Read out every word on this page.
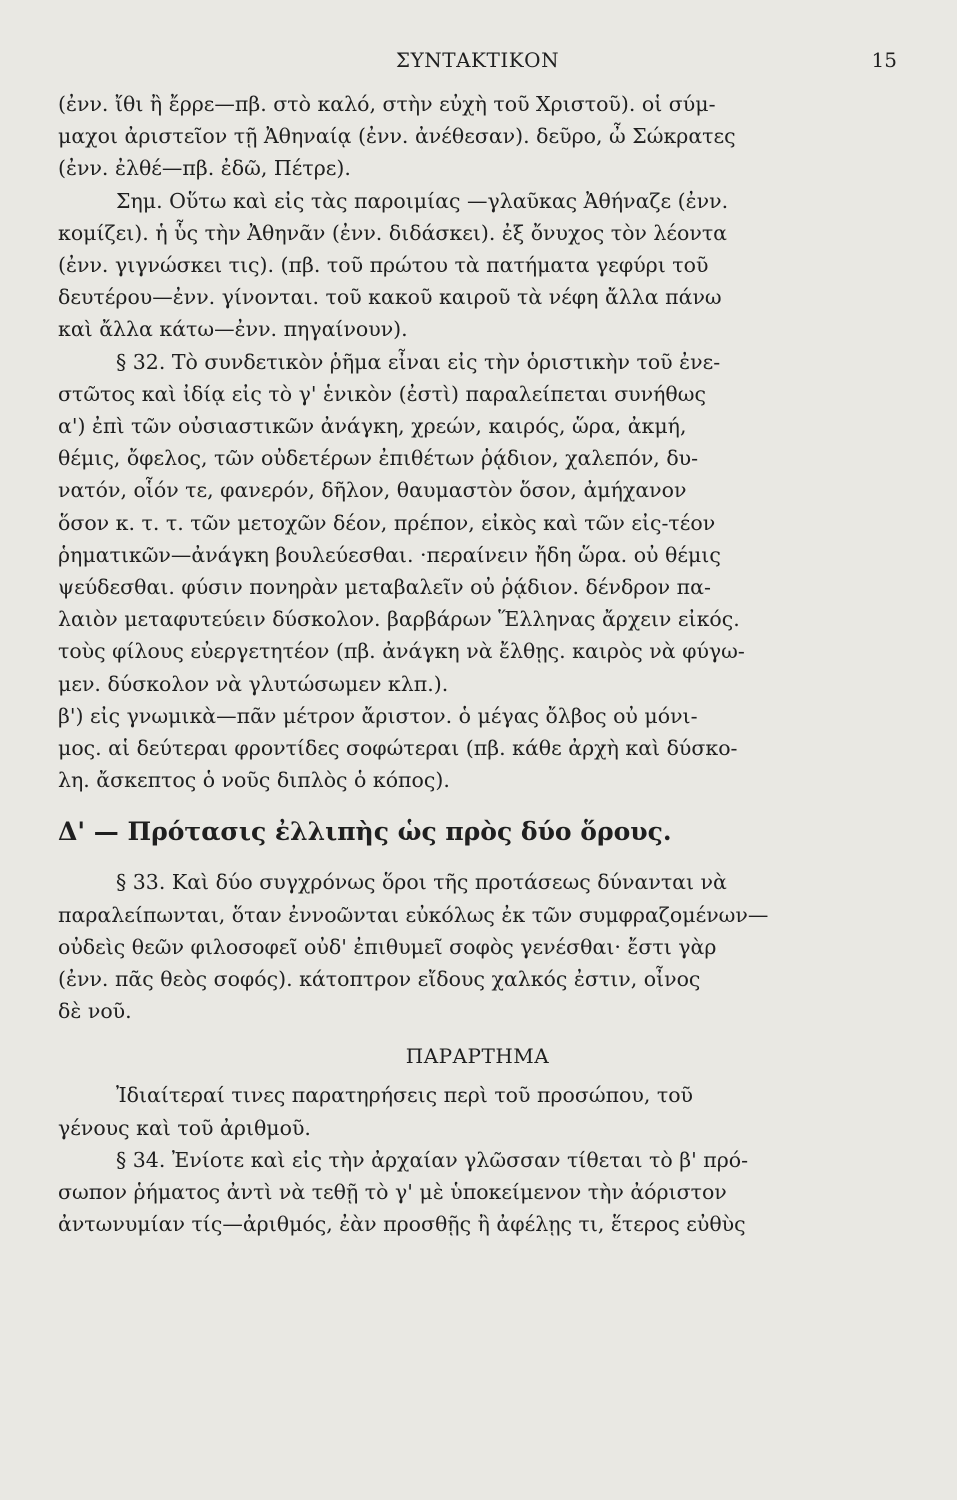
ΣΥΝΤΑΚΤΙΚΟΝ	15
(ἐνν. ἴθι ἢ ἔρρε—πβ. στὸ καλό, στὴν εὐχὴ τοῦ Χριστοῦ). οἱ σύμ-
μαχοι ἀριστεῖον τῇ Ἀθηναίᾳ (ἐνν. ἀνέθεσαν). δεῦρο, ὦ Σώκρατες
(ἐνν. ἐλθέ—πβ. ἐδῶ, Πέτρε).
Σημ. Οὕτω καὶ εἰς τὰς παροιμίας —γλαῦκας Ἀθήναζε (ἐνν.
κομίζει). ἡ ὗς τὴν Ἀθηνᾶν (ἐνν. διδάσκει). ἐξ ὄνυχος τὸν λέοντα
(ἐνν. γιγνώσκει τις). (πβ. τοῦ πρώτου τὰ πατήματα γεφύρι τοῦ
δευτέρου—ἐνν. γίνονται. τοῦ κακοῦ καιροῦ τὰ νέφη ἄλλα πάνω
καὶ ἄλλα κάτω—ἐνν. πηγαίνουν).
§ 32. Τὸ συνδετικὸν ῥῆμα εἶναι εἰς τὴν ὁριστικὴν τοῦ ἐνε-
στῶτος καὶ ἰδίᾳ εἰς τὸ γ' ἑνικὸν (ἐστὶ) παραλείπεται συνήθως
α') ἐπὶ τῶν οὐσιαστικῶν ἀνάγκη, χρεών, καιρός, ὥρα, ἀκμή,
θέμις, ὄφελος, τῶν οὐδετέρων ἐπιθέτων ῥᾴδιον, χαλεπόν, δυ-
νατόν, οἷόν τε, φανερόν, δῆλον, θαυμαστὸν ὅσον, ἀμήχανον
ὅσον κ. τ. τ. τῶν μετοχῶν δέον, πρέπον, εἰκὸς καὶ τῶν εἰς-τέον
ῥηματικῶν—ἀνάγκη βουλεύεσθαι. ·περαίνειν ἤδη ὥρα. οὐ θέμις
ψεύδεσθαι. φύσιν πονηρὰν μεταβαλεῖν οὐ ῥᾴδιον. δένδρον πα-
λαιὸν μεταφυτεύειν δύσκολον. βαρβάρων Ἕλληνας ἄρχειν εἰκός.
τοὺς φίλους εὐεργετητέον (πβ. ἀνάγκη νὰ ἔλθῃς. καιρὸς νὰ φύγω-
μεν. δύσκολον νὰ γλυτώσωμεν κλπ.).
β') εἰς γνωμικὰ—πᾶν μέτρον ἄριστον. ὁ μέγας ὄλβος οὐ μόνι-
μος. αἱ δεύτεραι φροντίδες σοφώτεραι (πβ. κάθε ἀρχὴ καὶ δύσκο-
λη. ἄσκεπτος ὁ νοῦς διπλὸς ὁ κόπος).
Δ' — Πρότασις ἐλλιπὴς ὡς πρὸς δύο ὅρους.
§ 33. Καὶ δύο συγχρόνως ὅροι τῆς προτάσεως δύνανται νὰ
παραλείπωνται, ὅταν ἐννοῶνται εὐκόλως ἐκ τῶν συμφραζομένων—
οὐδεὶς θεῶν φιλοσοφεῖ οὐδ' ἐπιθυμεῖ σοφὸς γενέσθαι· ἔστι γὰρ
(ἐνν. πᾶς θεὸς σοφός). κάτοπτρον εἴδους χαλκός ἐστιν, οἶνος
δὲ νοῦ.
ΠΑΡΑΡΤΗΜΑ
Ἰδιαίτεραί τινες παρατηρήσεις περὶ τοῦ προσώπου, τοῦ
γένους καὶ τοῦ ἀριθμοῦ.
§ 34. Ἐνίοτε καὶ εἰς τὴν ἀρχαίαν γλῶσσαν τίθεται τὸ β' πρό-
σωπον ῥήματος ἀντὶ νὰ τεθῇ τὸ γ' μὲ ὑποκείμενον τὴν ἀόριστον
ἀντωνυμίαν τίς—ἀριθμός, ἐὰν προσθῇς ἢ ἀφέλῃς τι, ἕτερος εὐθὺς
